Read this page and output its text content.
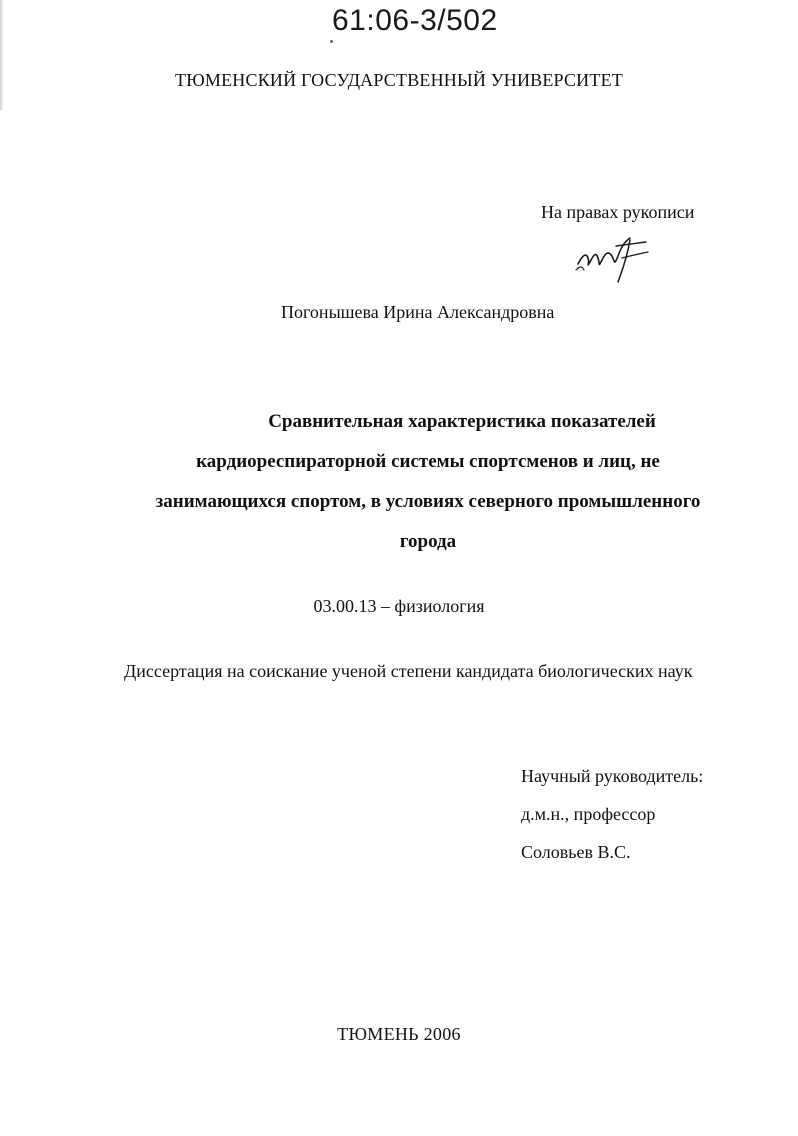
61:06-3/502
ТЮМЕНСКИЙ ГОСУДАРСТВЕННЫЙ УНИВЕРСИТЕТ
На правах рукописи
Погонышева Ирина Александровна
Сравнительная характеристика показателей
кардиореспираторной системы спортсменов и лиц, не
занимающихся спортом, в условиях северного промышленного
города
03.00.13 – физиология
Диссертация на соискание ученой степени кандидата биологических наук
Научный руководитель:
д.м.н., профессор
Соловьев В.С.
ТЮМЕНЬ 2006
